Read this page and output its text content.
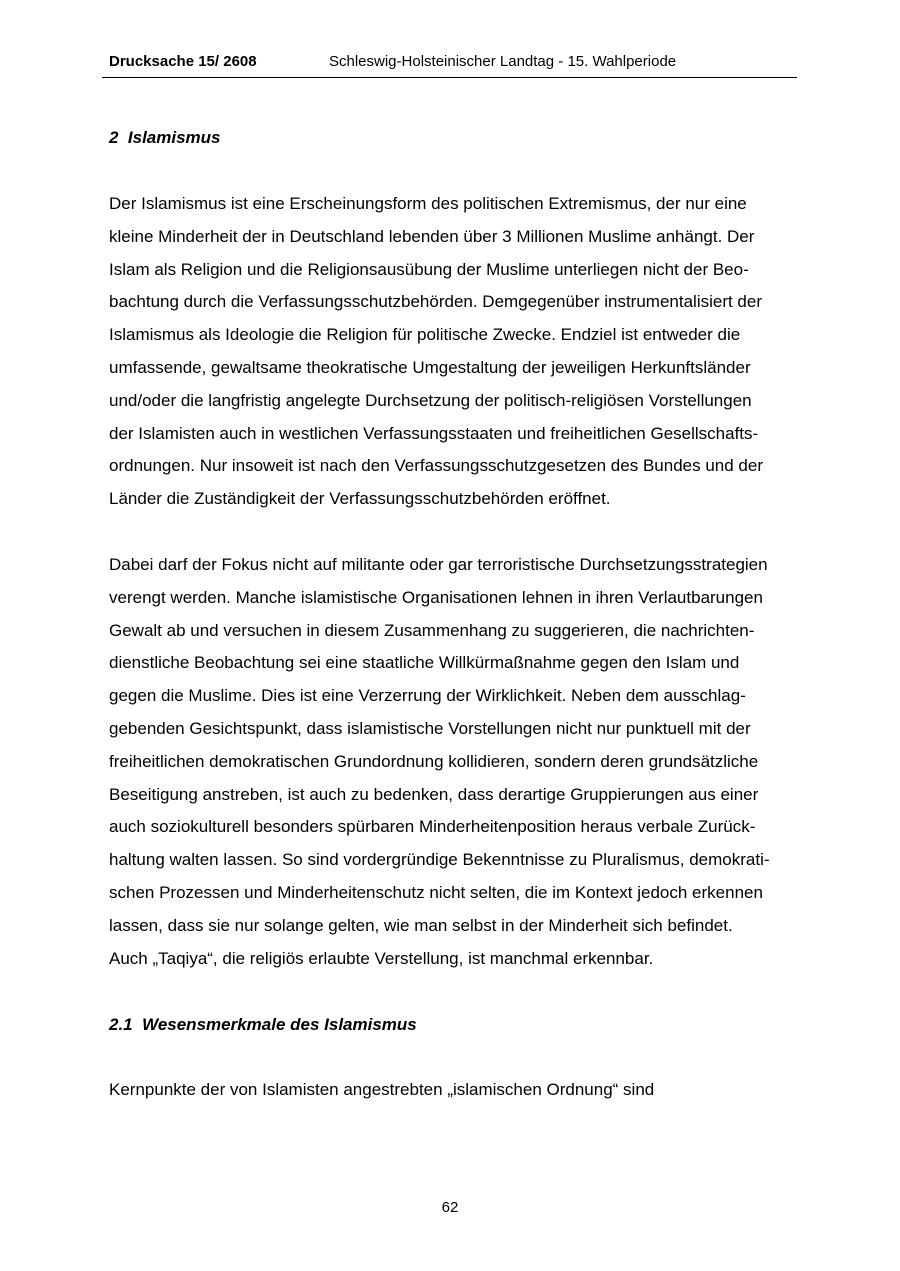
Drucksache 15/ 2608	Schleswig-Holsteinischer Landtag - 15. Wahlperiode
2  Islamismus

Der Islamismus ist eine Erscheinungsform des politischen Extremismus, der nur eine
kleine Minderheit der in Deutschland lebenden über 3 Millionen Muslime anhängt. Der
Islam als Religion und die Religionsausübung der Muslime unterliegen nicht der Beo-
bachtung durch die Verfassungsschutzbehörden. Demgegenüber instrumentalisiert der
Islamismus als Ideologie die Religion für politische Zwecke. Endziel ist entweder die
umfassende, gewaltsame theokratische Umgestaltung der jeweiligen Herkunftsländer
und/oder die langfristig angelegte Durchsetzung der politisch-religiösen Vorstellungen
der Islamisten auch in westlichen Verfassungsstaaten und freiheitlichen Gesellschafts-
ordnungen. Nur insoweit ist nach den Verfassungsschutzgesetzen des Bundes und der
Länder die Zuständigkeit der Verfassungsschutzbehörden eröffnet.

Dabei darf der Fokus nicht auf militante oder gar terroristische Durchsetzungsstrategien
verengt werden. Manche islamistische Organisationen lehnen in ihren Verlautbarungen
Gewalt ab und versuchen in diesem Zusammenhang zu suggerieren, die nachrichten-
dienstliche Beobachtung sei eine staatliche Willkürmaßnahme gegen den Islam und
gegen die Muslime. Dies ist eine Verzerrung der Wirklichkeit. Neben dem ausschlag-
gebenden Gesichtspunkt, dass islamistische Vorstellungen nicht nur punktuell mit der
freiheitlichen demokratischen Grundordnung kollidieren, sondern deren grundsätzliche
Beseitigung anstreben, ist auch zu bedenken, dass derartige Gruppierungen aus einer
auch soziokulturell besonders spürbaren Minderheitenposition heraus verbale Zurück-
haltung walten lassen. So sind vordergründige Bekenntnisse zu Pluralismus, demokrati-
schen Prozessen und Minderheitenschutz nicht selten, die im Kontext jedoch erkennen
lassen, dass sie nur solange gelten, wie man selbst in der Minderheit sich befindet.
Auch „Taqiya“, die religiös erlaubte Verstellung, ist manchmal erkennbar.

2.1  Wesensmerkmale des Islamismus

Kernpunkte der von Islamisten angestrebten „islamischen Ordnung“ sind

62
